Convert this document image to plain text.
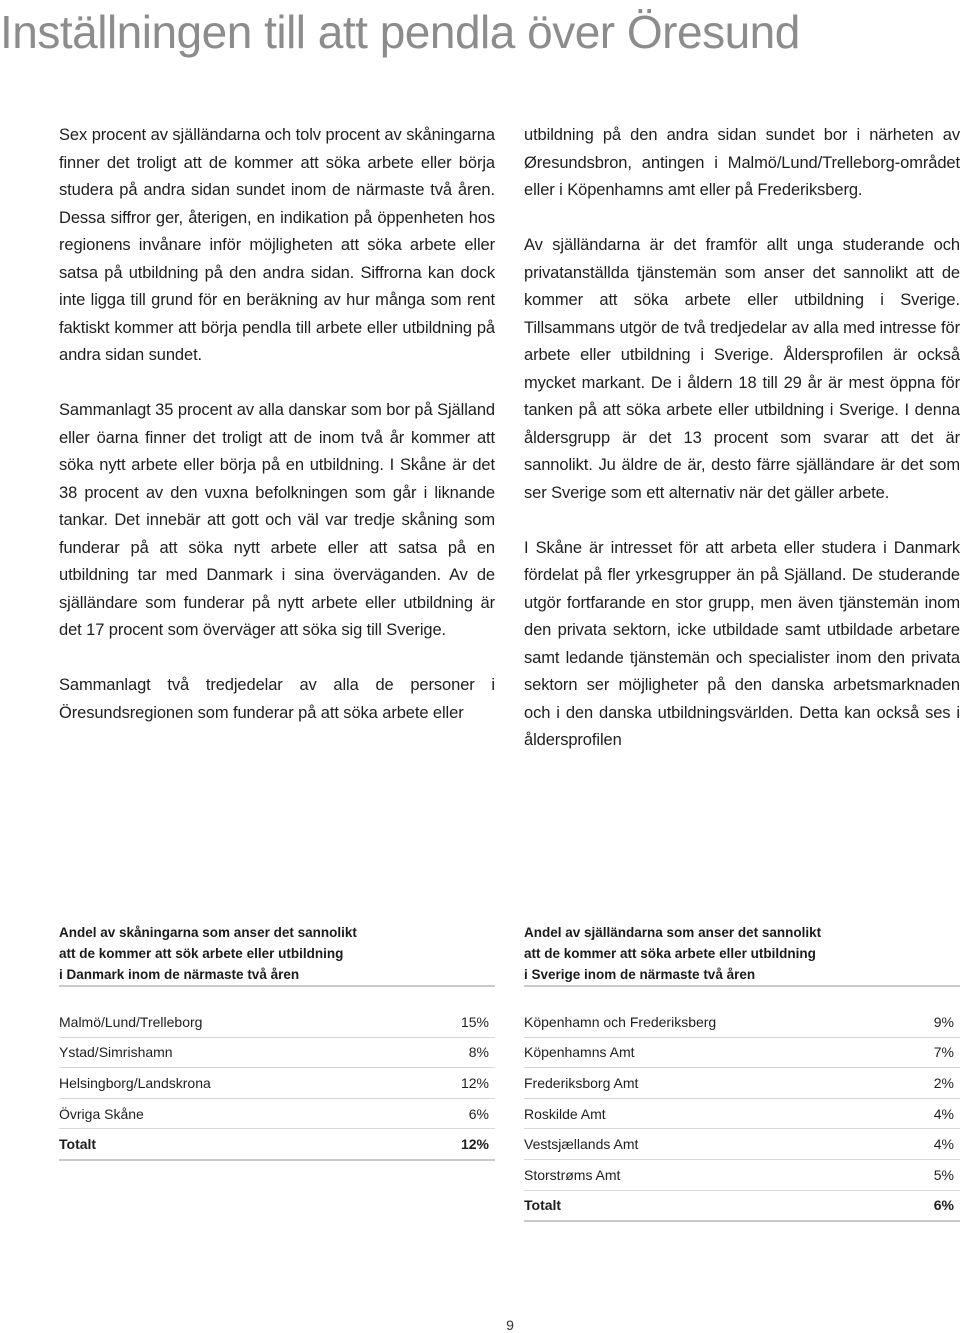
Inställningen till att pendla över Öresund

Sex procent av själländarna och tolv procent av skåningarna finner det troligt att de kommer att söka arbete eller börja studera på andra sidan sundet inom de närmaste två åren. Dessa siffror ger, återigen, en indikation på öppenheten hos regionens invånare inför möjligheten att söka arbete eller satsa på utbildning på den andra sidan. Siffrorna kan dock inte ligga till grund för en beräkning av hur många som rent faktiskt kommer att börja pendla till arbete eller utbildning på andra sidan sundet.

Sammanlagt 35 procent av alla danskar som bor på Själland eller öarna finner det troligt att de inom två år kommer att söka nytt arbete eller börja på en utbildning. I Skåne är det 38 procent av den vuxna befolkningen som går i liknande tankar. Det innebär att gott och väl var tredje skåning som funderar på att söka nytt arbete eller att satsa på en utbildning tar med Danmark i sina överväganden. Av de själländare som funderar på nytt arbete eller utbildning är det 17 procent som överväger att söka sig till Sverige.

Sammanlagt två tredjedelar av alla de personer i Öresundsregionen som funderar på att söka arbete eller

utbildning på den andra sidan sundet bor i närheten av Øresundsbron, antingen i Malmö/Lund/Trelleborg-området eller i Köpenhamns amt eller på Frederiksberg.

Av själländarna är det framför allt unga studerande och privatanställda tjänstemän som anser det sannolikt att de kommer att söka arbete eller utbildning i Sverige. Tillsammans utgör de två tredjedelar av alla med intresse för arbete eller utbildning i Sverige. Åldersprofilen är också mycket markant. De i åldern 18 till 29 år är mest öppna för tanken på att söka arbete eller utbildning i Sverige. I denna åldersgrupp är det 13 procent som svarar att det är sannolikt. Ju äldre de är, desto färre själländare är det som ser Sverige som ett alternativ när det gäller arbete.

I Skåne är intresset för att arbeta eller studera i Danmark fördelat på fler yrkesgrupper än på Själland. De studerande utgör fortfarande en stor grupp, men även tjänstemän inom den privata sektorn, icke utbildade samt utbildade arbetare samt ledande tjänstemän och specialister inom den privata sektorn ser möjligheter på den danska arbetsmarknaden och i den danska utbildningsvärlden. Detta kan också ses i åldersprofilen

Andel av skåningarna som anser det sannolikt
att de kommer att sök arbete eller utbildning
i Danmark inom de närmaste två åren
Malmö/Lund/Trelleborg	15%
Ystad/Simrishamn	8%
Helsingborg/Landskrona	12%
Övriga Skåne	6%
Totalt	12%
Andel av själländarna som anser det sannolikt
att de kommer att söka arbete eller utbildning
i Sverige inom de närmaste två åren
Köpenhamn och Frederiksberg	9%
Köpenhamns Amt	7%
Frederiksborg Amt	2%
Roskilde Amt	4%
Vestsjællands Amt	4%
Storstrøms Amt	5%
Totalt	6%
9
